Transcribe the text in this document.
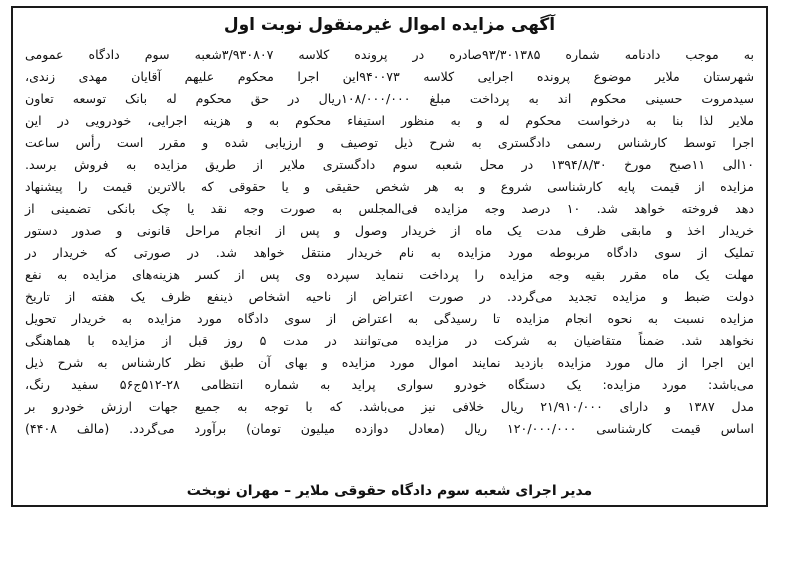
آگهی مزایده اموال غیرمنقول نوبت اول
به موجب دادنامه شماره ۹۳/۳۰۱۳۸۵صادره در پرونده کلاسه ۳/۹۳۰۸۰۷شعبه سوم دادگاه عمومی
شهرستان ملایر موضوع پرونده اجرایی کلاسه ۹۴۰۰۷۳این اجرا محکوم علیهم آقایان مهدی زندی،
سیدمروت حسینی محکوم اند به پرداخت مبلغ ۱۰۸/۰۰۰/۰۰۰ریال در حق محکوم له بانک توسعه تعاون
ملایر لذا بنا به درخواست محکوم له و به منظور استیفاء محکوم به و هزینه اجرایی، خودرویی در این
اجرا توسط کارشناس رسمی دادگستری به شرح ذیل توصیف و ارزیابی شده و مقرر است رأس ساعت
۱۰الی ۱۱صبح مورخ ۱۳۹۴/۸/۳۰ در محل شعبه سوم دادگستری ملایر از طریق مزایده به فروش برسد.
مزایده از قیمت پایه کارشناسی شروع و به هر شخص حقیقی و یا حقوقی که بالاترین قیمت را پیشنهاد
دهد فروخته خواهد شد. ۱۰ درصد وجه مزایده فی‌المجلس به صورت وجه نقد یا چک بانکی تضمینی از
خریدار اخذ و مابقی ظرف مدت یک ماه از خریدار وصول و پس از انجام مراحل قانونی و صدور دستور
تملیک از سوی دادگاه مربوطه مورد مزایده به نام خریدار منتقل خواهد شد. در صورتی که خریدار در
مهلت یک ماه مقرر بقیه وجه مزایده را پرداخت ننماید سپرده وی پس از کسر هزینه‌های مزایده به نفع
دولت ضبط و مزایده تجدید می‌گردد. در صورت اعتراض از ناحیه اشخاص ذینفع ظرف یک هفته از تاریخ
مزایده نسبت به نحوه انجام مزایده تا رسیدگی به اعتراض از سوی دادگاه مورد مزایده به خریدار تحویل
نخواهد شد. ضمناً متقاضیان به شرکت در مزایده می‌توانند در مدت ۵ روز قبل از مزایده با هماهنگی
این اجرا از مال مورد مزایده بازدید نمایند اموال مورد مزایده و بهای آن طبق نظر کارشناس به شرح ذیل
می‌باشد: مورد مزایده: یک دستگاه خودرو سواری پراید به شماره انتظامی ۲۸-۵۱۲ج۵۶ سفید رنگ،
مدل ۱۳۸۷ و دارای ۲۱/۹۱۰/۰۰۰ ریال خلافی نیز می‌باشد. که با توجه به جمیع جهات ارزش خودرو بر
اساس قیمت کارشناسی ۱۲۰/۰۰۰/۰۰۰ ریال (معادل دوازده میلیون تومان) برآورد می‌گردد. (مالف ۴۴۰۸)
مدیر اجرای شعبه سوم دادگاه حقوقی ملایر – مهران نوبخت
